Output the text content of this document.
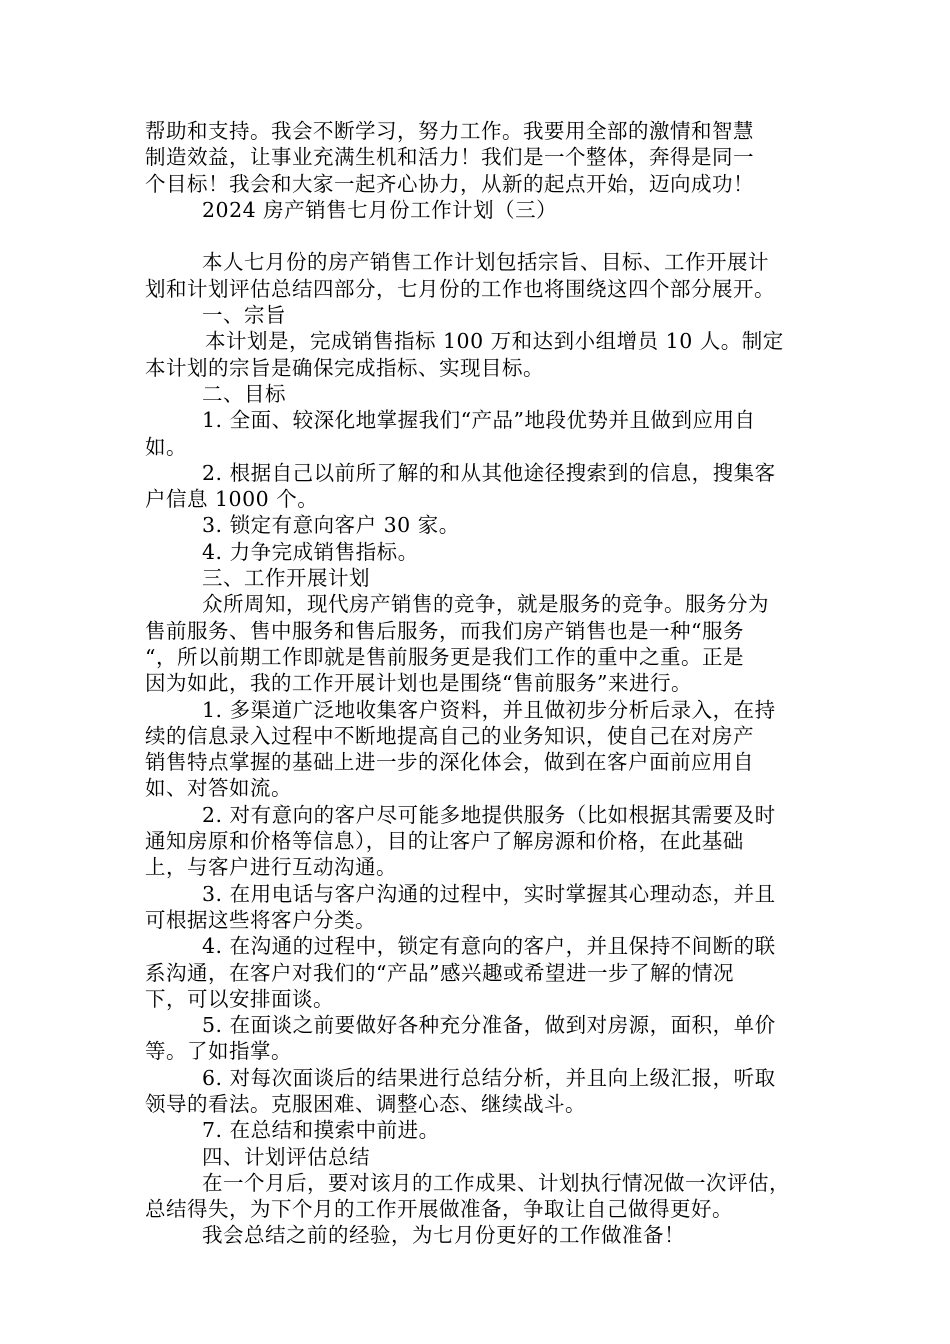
帮助和支持。我会不断学习，努力工作。我要用全部的激情和智慧
制造效益，让事业充满生机和活力！我们是一个整体，奔得是同一
个目标！我会和大家一起齐心协力，从新的起点开始，迈向成功！
2024 房产销售七月份工作计划（三）
本人七月份的房产销售工作计划包括宗旨、目标、工作开展计
划和计划评估总结四部分，七月份的工作也将围绕这四个部分展开。
一、宗旨
本计划是，完成销售指标 100 万和达到小组增员 10 人。制定
本计划的宗旨是确保完成指标、实现目标。
二、目标
1. 全面、较深化地掌握我们“产品”地段优势并且做到应用自
如。
2. 根据自己以前所了解的和从其他途径搜索到的信息，搜集客
户信息 1000 个。
3. 锁定有意向客户 30 家。
4. 力争完成销售指标。
三、工作开展计划
众所周知，现代房产销售的竞争，就是服务的竞争。服务分为
售前服务、售中服务和售后服务，而我们房产销售也是一种“服务
“，所以前期工作即就是售前服务更是我们工作的重中之重。正是
因为如此，我的工作开展计划也是围绕“售前服务”来进行。
1. 多渠道广泛地收集客户资料，并且做初步分析后录入，在持
续的信息录入过程中不断地提高自己的业务知识，使自己在对房产
销售特点掌握的基础上进一步的深化体会，做到在客户面前应用自
如、对答如流。
2. 对有意向的客户尽可能多地提供服务（比如根据其需要及时
通知房原和价格等信息），目的让客户了解房源和价格，在此基础
上，与客户进行互动沟通。
3. 在用电话与客户沟通的过程中，实时掌握其心理动态，并且
可根据这些将客户分类。
4. 在沟通的过程中，锁定有意向的客户，并且保持不间断的联
系沟通，在客户对我们的“产品”感兴趣或希望进一步了解的情况
下，可以安排面谈。
5. 在面谈之前要做好各种充分准备，做到对房源，面积，单价
等。了如指掌。
6. 对每次面谈后的结果进行总结分析，并且向上级汇报，听取
领导的看法。克服困难、调整心态、继续战斗。
7. 在总结和摸索中前进。
四、计划评估总结
在一个月后，要对该月的工作成果、计划执行情况做一次评估，
总结得失，为下个月的工作开展做准备，争取让自己做得更好。
我会总结之前的经验，为七月份更好的工作做准备！
